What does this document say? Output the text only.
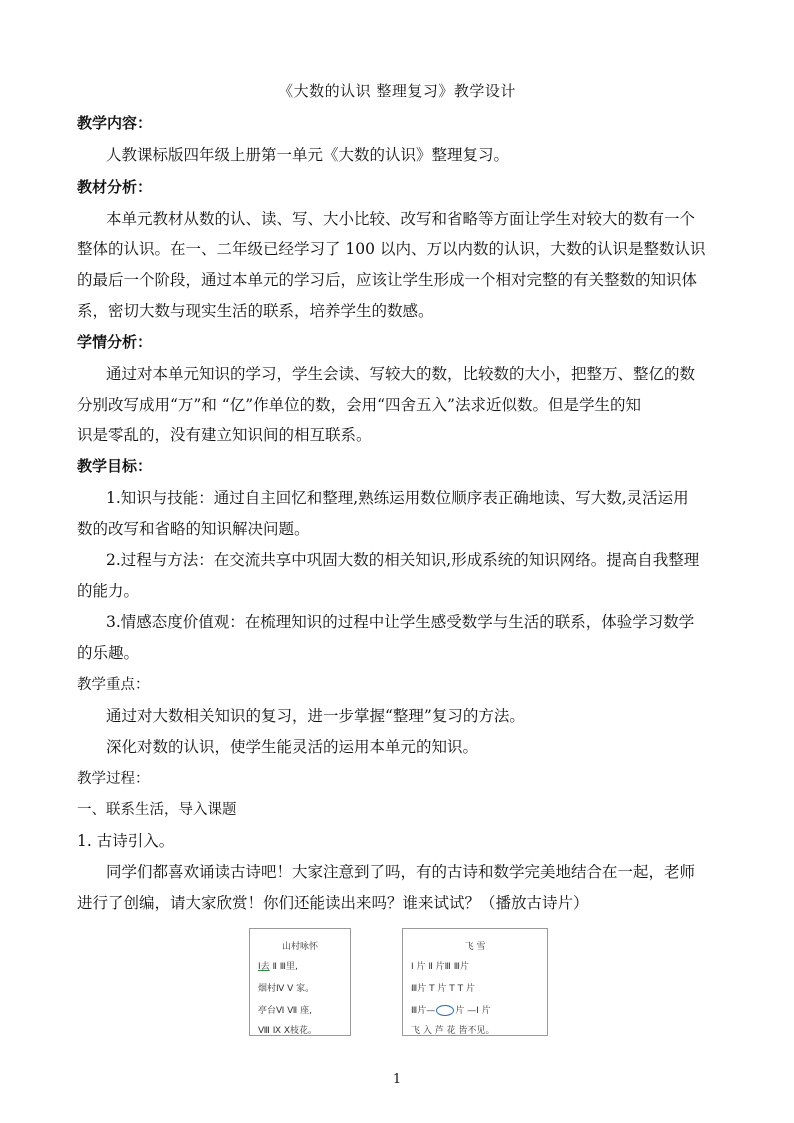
《大数的认识 整理复习》教学设计
教学内容：
人教课标版四年级上册第一单元《大数的认识》整理复习。
教材分析：
本单元教材从数的认、读、写、大小比较、改写和省略等方面让学生对较大的数有一个
整体的认识。在一、二年级已经学习了 100 以内、万以内数的认识，大数的认识是整数认识
的最后一个阶段，通过本单元的学习后，应该让学生形成一个相对完整的有关整数的知识体
系，密切大数与现实生活的联系，培养学生的数感。
学情分析：
通过对本单元知识的学习，学生会读、写较大的数，比较数的大小，把整万、整亿的数
分别改写成用“万”和 “亿”作单位的数，会用“四舍五入”法求近似数。但是学生的知
识是零乱的，没有建立知识间的相互联系。
教学目标：
1.知识与技能：通过自主回忆和整理,熟练运用数位顺序表正确地读、写大数,灵活运用
数的改写和省略的知识解决问题。
2.过程与方法：在交流共享中巩固大数的相关知识,形成系统的知识网络。提高自我整理
的能力。
3.情感态度价值观：在梳理知识的过程中让学生感受数学与生活的联系，体验学习数学
的乐趣。
教学重点：
通过对大数相关知识的复习，进一步掌握“整理”复习的方法。
深化对数的认识，使学生能灵活的运用本单元的知识。
教学过程：
一、联系生活，导入课题
1. 古诗引入。
同学们都喜欢诵读古诗吧！大家注意到了吗，有的古诗和数学完美地结合在一起，老师
进行了创编，请大家欣赏！你们还能读出来吗？谁来试试？（播放古诗片）
山村咏怀
Ⅰ去 Ⅱ Ⅲ里,
烟村Ⅳ Ⅴ 家。
亭台Ⅵ Ⅶ 座,
Ⅷ Ⅸ Ⅹ枝花。
飞 雪
Ⅰ 片 Ⅱ 片Ⅲ Ⅲ片
Ⅲ片 T 片 T T 片
Ⅲ片— 片 —Ⅰ 片
飞 入 芦 花 皆不见。
1
